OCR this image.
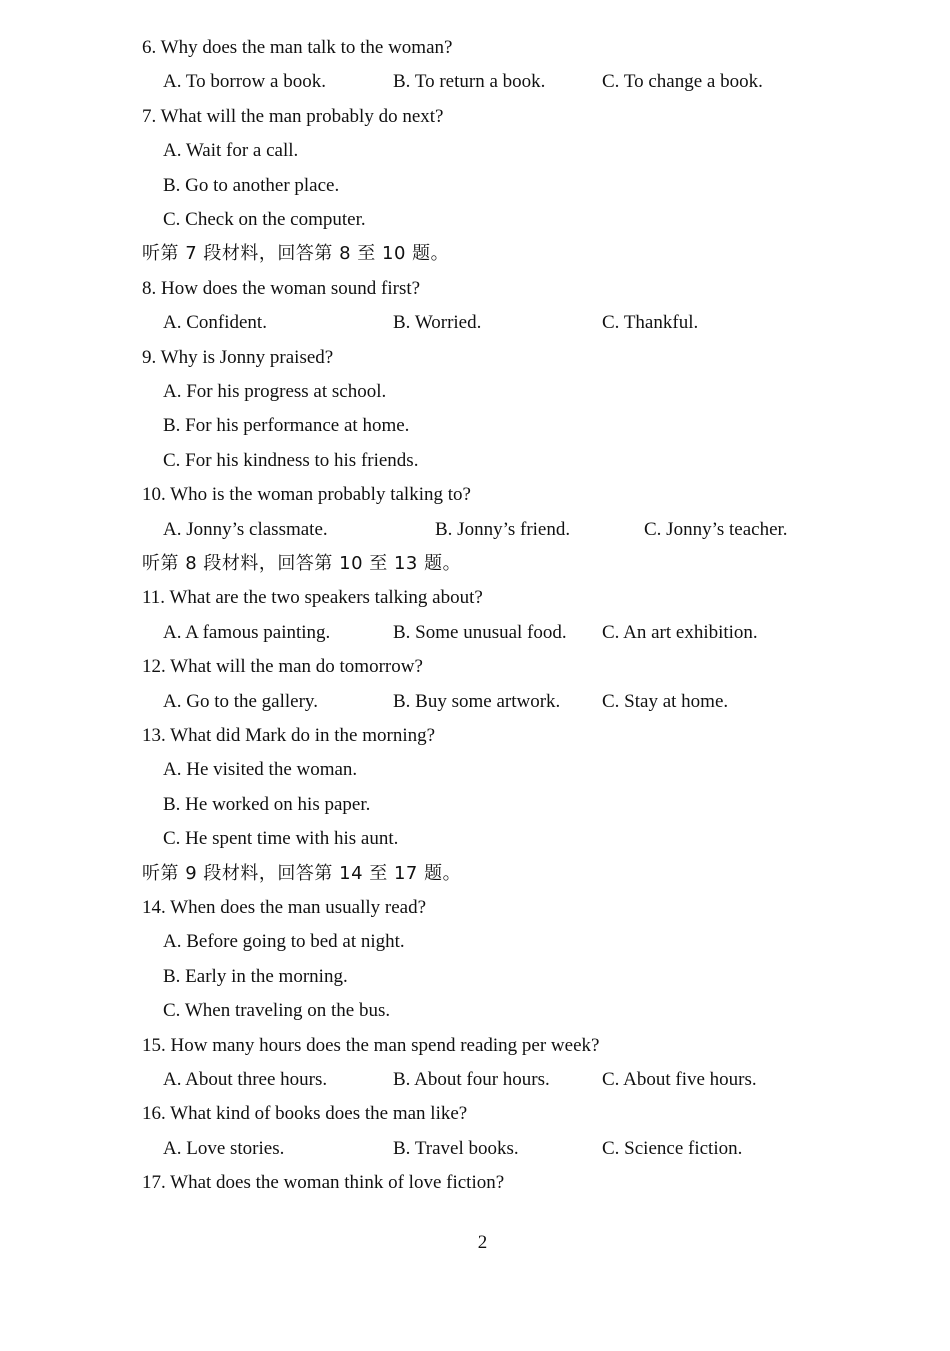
6. Why does the man talk to the woman?
A. To borrow a book.	B. To return a book.	C. To change a book.
7. What will the man probably do next?
A. Wait for a call.
B. Go to another place.
C. Check on the computer.
听第 7 段材料，回答第 8 至 10 题。
8. How does the woman sound first?
A. Confident.	B. Worried.	C. Thankful.
9. Why is Jonny praised?
A. For his progress at school.
B. For his performance at home.
C. For his kindness to his friends.
10. Who is the woman probably talking to?
A. Jonny’s classmate.	B. Jonny’s friend.	C. Jonny’s teacher.
听第 8 段材料，回答第 10 至 13 题。
11. What are the two speakers talking about?
A. A famous painting.	B. Some unusual food. C. An art exhibition.
12. What will the man do tomorrow?
A. Go to the gallery.	B. Buy some artwork. C. Stay at home.
13. What did Mark do in the morning?
A. He visited the woman.
B. He worked on his paper.
C. He spent time with his aunt.
听第 9 段材料，回答第 14 至 17 题。
14. When does the man usually read?
A. Before going to bed at night.
B. Early in the morning.
C. When traveling on the bus.
15. How many hours does the man spend reading per week?
A. About three hours.	B. About four hours.	C. About five hours.
16. What kind of books does the man like?
A. Love stories.	B. Travel books.	C. Science fiction.
17. What does the woman think of love fiction?
2
